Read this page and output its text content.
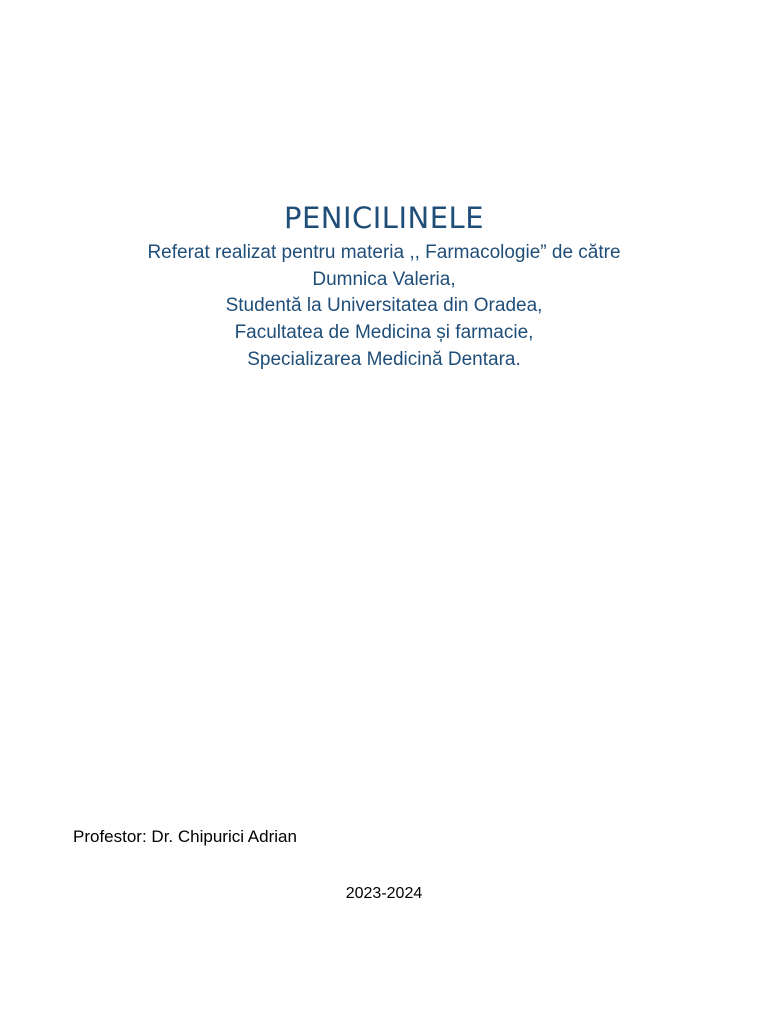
PENICILINELE
Referat realizat pentru materia ,, Farmacologie” de către
Dumnica Valeria,
Studentă la Universitatea din Oradea,
Facultatea de Medicina și farmacie,
Specializarea Medicină Dentara.
Profestor: Dr. Chipurici Adrian
2023-2024
